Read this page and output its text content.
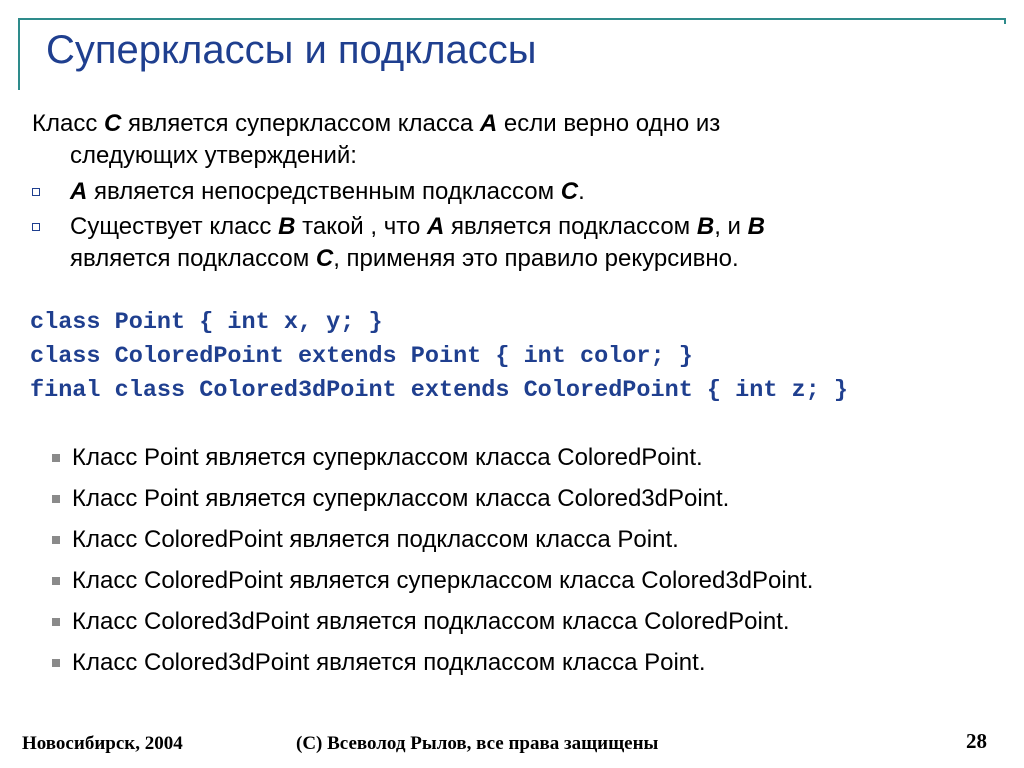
Суперклассы и подклассы
Класс C является суперклассом класса A если верно одно из
следующих утверждений:
A является непосредственным подклассом C.
Существует класс B такой , что A является подклассом B, и B
является подклассом C, применяя это правило рекурсивно.
class Point { int x, y; }
class ColoredPoint extends Point { int color; }
final class Colored3dPoint extends ColoredPoint { int z; }
Класс Point является суперклассом класса ColoredPoint.
Класс Point является суперклассом класса Colored3dPoint.
Класс ColoredPoint является подклассом класса Point.
Класс ColoredPoint является суперклассом класса Colored3dPoint.
Класс Colored3dPoint является подклассом класса ColoredPoint.
Класс Colored3dPoint является подклассом класса Point.
Новосибирск, 2004	(C) Всеволод Рылов, все права защищены	28
